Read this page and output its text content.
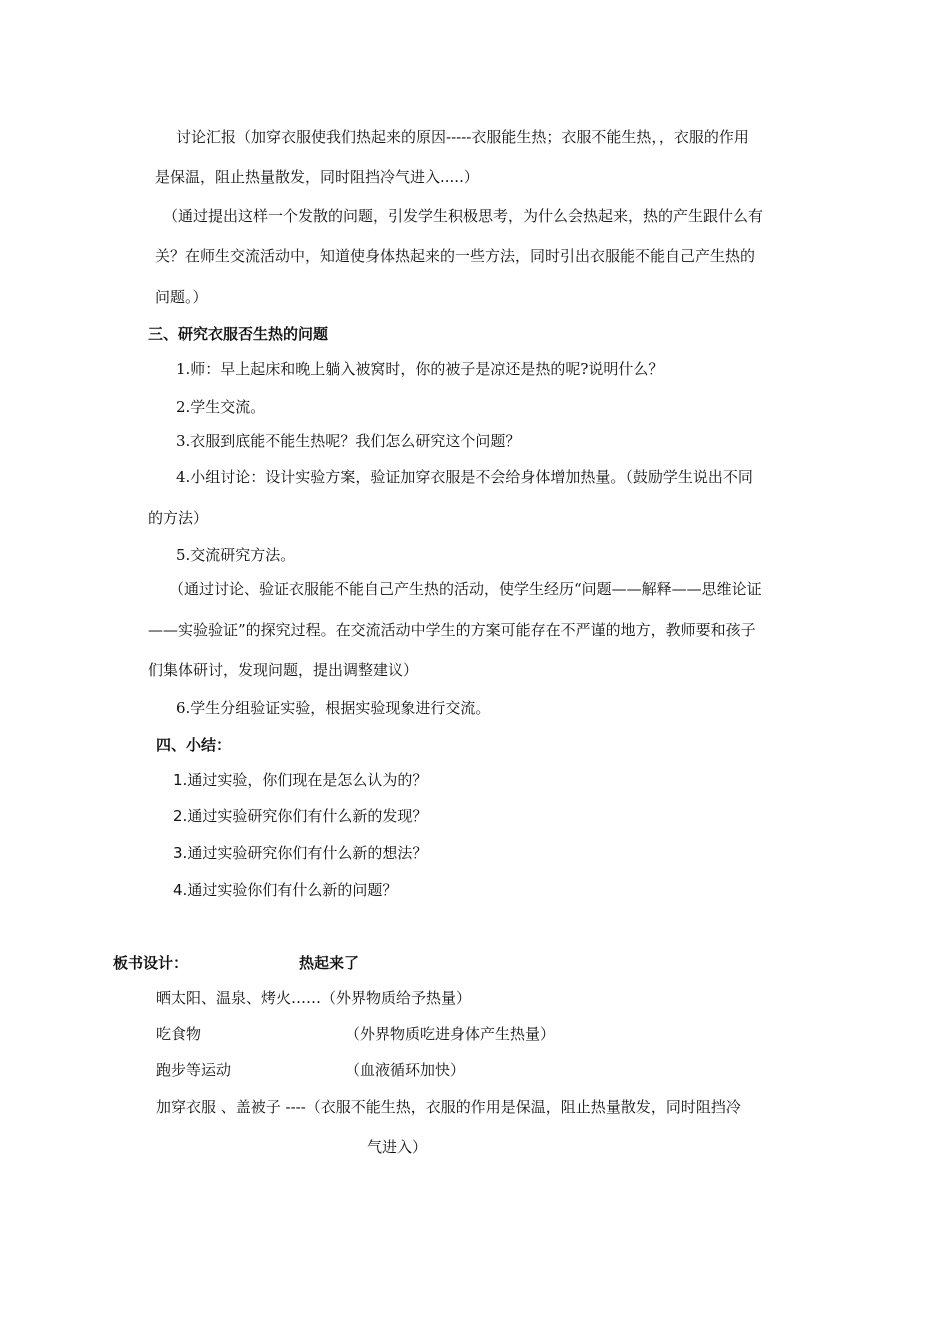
讨论汇报（加穿衣服使我们热起来的原因-----衣服能生热；衣服不能生热，，衣服的作用
是保温，阻止热量散发，同时阻挡冷气进入.....）
（通过提出这样一个发散的问题，引发学生积极思考，为什么会热起来，热的产生跟什么有
关？在师生交流活动中，知道使身体热起来的一些方法，同时引出衣服能不能自己产生热的
问题。）
三、研究衣服否生热的问题
1.师：早上起床和晚上躺入被窝时，你的被子是凉还是热的呢?说明什么？
2.学生交流。
3.衣服到底能不能生热呢？我们怎么研究这个问题？
4.小组讨论：设计实验方案，验证加穿衣服是不会给身体增加热量。（鼓励学生说出不同
的方法）
5.交流研究方法。
（通过讨论、验证衣服能不能自己产生热的活动，使学生经历“问题——解释——思维论证
——实验验证”的探究过程。在交流活动中学生的方案可能存在不严谨的地方，教师要和孩子
们集体研讨，发现问题，提出调整建议）
6.学生分组验证实验，根据实验现象进行交流。
四、小结：
1.通过实验，你们现在是怎么认为的？
2.通过实验研究你们有什么新的发现？
3.通过实验研究你们有什么新的想法？
4.通过实验你们有什么新的问题？
板书设计：	热起来了
晒太阳、温泉、烤火……（外界物质给予热量）
吃食物	（外界物质吃进身体产生热量）
跑步等运动	（血液循环加快）
加穿衣服 、盖被子 ----（衣服不能生热，衣服的作用是保温，阻止热量散发，同时阻挡冷
气进入）
